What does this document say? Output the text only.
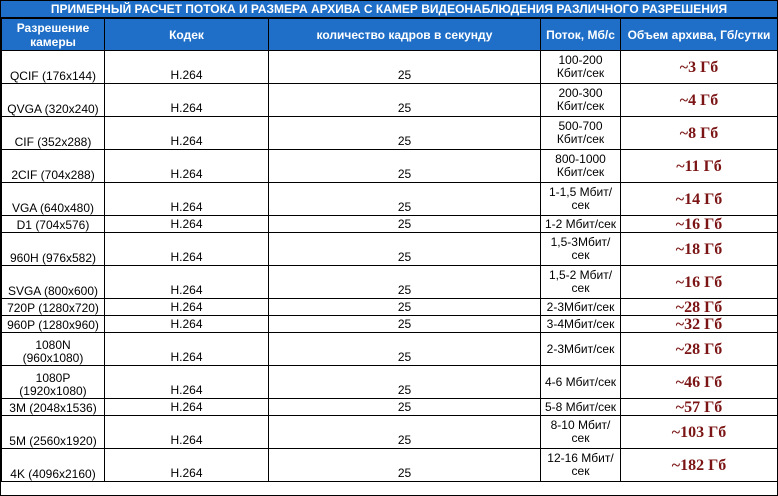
ПРИМЕРНЫЙ РАСЧЕТ ПОТОКА И РАЗМЕРА АРХИВА С КАМЕР ВИДЕОНАБЛЮДЕНИЯ РАЗЛИЧНОГО РАЗРЕШЕНИЯ
Разрешение камеры	Кодек	количество кадров в секунду	Поток, Мб/с	Объем архива, Гб/сутки
QCIF (176x144)	H.264	25	100-200 Кбит/сек	~3 Гб
QVGA (320x240)	H.264	25	200-300 Кбит/сек	~4 Гб
CIF (352x288)	H.264	25	500-700 Кбит/сек	~8 Гб
2CIF (704x288)	H.264	25	800-1000 Кбит/сек	~11 Гб
VGA (640x480)	H.264	25	1-1,5 Мбит/сек	~14 Гб
D1 (704x576)	H.264	25	1-2 Мбит/сек	~16 Гб
960H (976x582)	H.264	25	1,5-3Мбит/сек	~18 Гб
SVGA (800x600)	H.264	25	1,5-2 Мбит/сек	~16 Гб
720P (1280x720)	H.264	25	2-3Мбит/сек	~28 Гб
960P (1280x960)	H.264	25	3-4Мбит/сек	~32 Гб
1080N (960x1080)	H.264	25	2-3Мбит/сек	~28 Гб
1080P (1920x1080)	H.264	25	4-6 Мбит/сек	~46 Гб
3M (2048x1536)	H.264	25	5-8 Мбит/сек	~57 Гб
5M (2560x1920)	H.264	25	8-10 Мбит/сек	~103 Гб
4K (4096x2160)	H.264	25	12-16 Мбит/сек	~182 Гб
